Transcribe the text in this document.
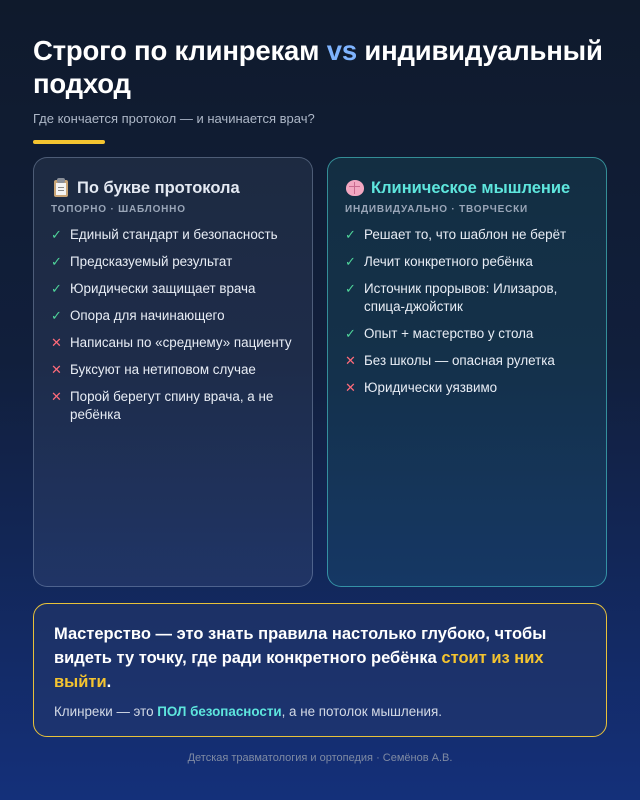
Строго по клинрекам vs индивидуальный подход
Где кончается протокол — и начинается врач?
По букве протокола
ТОПОРНО · ШАБЛОННО
✓ Единый стандарт и безопасность
✓ Предсказуемый результат
✓ Юридически защищает врача
✓ Опора для начинающего
✕ Написаны по «среднему» пациенту
✕ Буксуют на нетиповом случае
✕ Порой берегут спину врача, а не ребёнка
Клиническое мышление
ИНДИВИДУАЛЬНО · ТВОРЧЕСКИ
✓ Решает то, что шаблон не берёт
✓ Лечит конкретного ребёнка
✓ Источник прорывов: Илизаров, спица-джойстик
✓ Опыт + мастерство у стола
✕ Без школы — опасная рулетка
✕ Юридически уязвимо
Мастерство — это знать правила настолько глубоко, чтобы видеть ту точку, где ради конкретного ребёнка стоит из них выйти.
Клинреки — это ПОЛ безопасности, а не потолок мышления.
Детская травматология и ортопедия · Семёнов А.В.
